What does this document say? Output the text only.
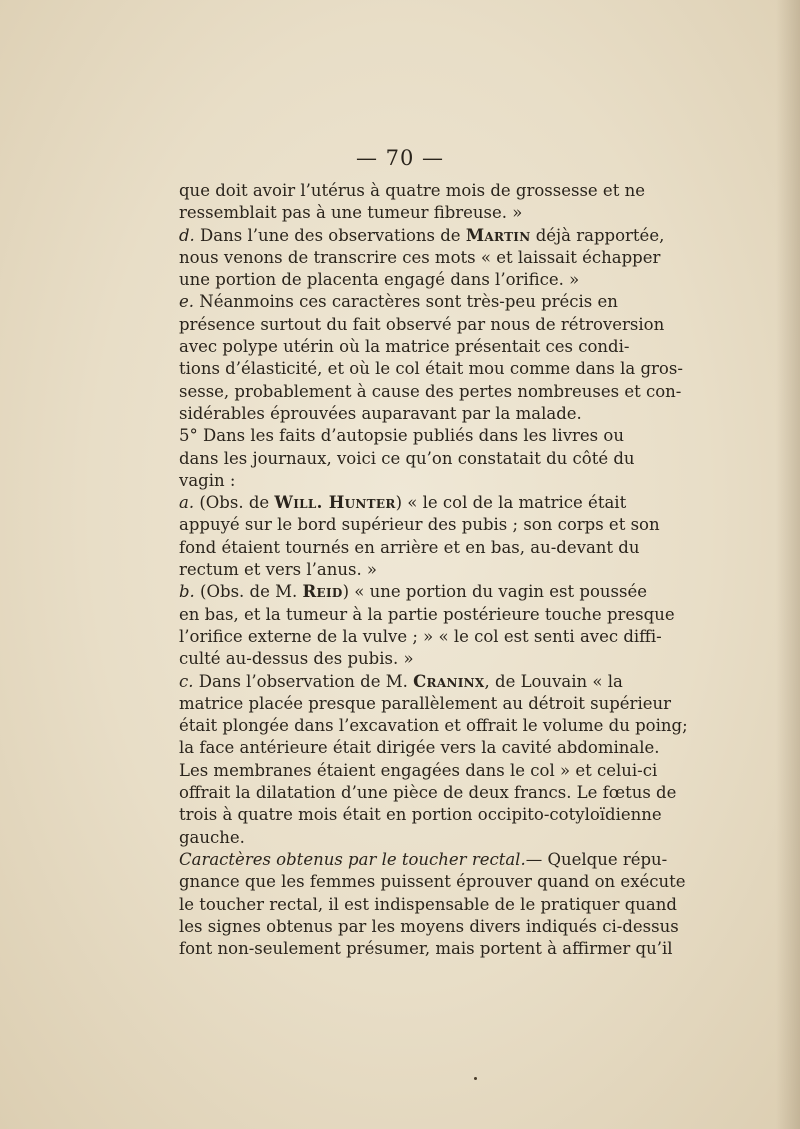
— 70 —
que doit avoir l’utérus à quatre mois de grossesse et ne
ressemblait pas à une tumeur fibreuse. »
d. Dans l’une des observations de Martin déjà rapportée,
nous venons de transcrire ces mots « et laissait échapper
une portion de placenta engagé dans l’orifice. »
e. Néanmoins ces caractères sont très-peu précis en
présence surtout du fait observé par nous de rétroversion
avec polype utérin où la matrice présentait ces condi-
tions d’élasticité, et où le col était mou comme dans la gros-
sesse, probablement à cause des pertes nombreuses et con-
sidérables éprouvées auparavant par la malade.
5° Dans les faits d’autopsie publiés dans les livres ou
dans les journaux, voici ce qu’on constatait du côté du
vagin :
a. (Obs. de Will. Hunter) « le col de la matrice était
appuyé sur le bord supérieur des pubis ; son corps et son
fond étaient tournés en arrière et en bas, au-devant du
rectum et vers l’anus. »
b. (Obs. de M. Reid) « une portion du vagin est poussée
en bas, et la tumeur à la partie postérieure touche presque
l’orifice externe de la vulve ; » « le col est senti avec diffi-
culté au-dessus des pubis. »
c. Dans l’observation de M. Craninx, de Louvain « la
matrice placée presque parallèlement au détroit supérieur
était plongée dans l’excavation et offrait le volume du poing;
la face antérieure était dirigée vers la cavité abdominale.
Les membranes étaient engagées dans le col » et celui-ci
offrait la dilatation d’une pièce de deux francs. Le fœtus de
trois à quatre mois était en portion occipito-cotyloïdienne
gauche.
Caractères obtenus par le toucher rectal.— Quelque répu-
gnance que les femmes puissent éprouver quand on exécute
le toucher rectal, il est indispensable de le pratiquer quand
les signes obtenus par les moyens divers indiqués ci-dessus
font non-seulement présumer, mais portent à affirmer qu’il
